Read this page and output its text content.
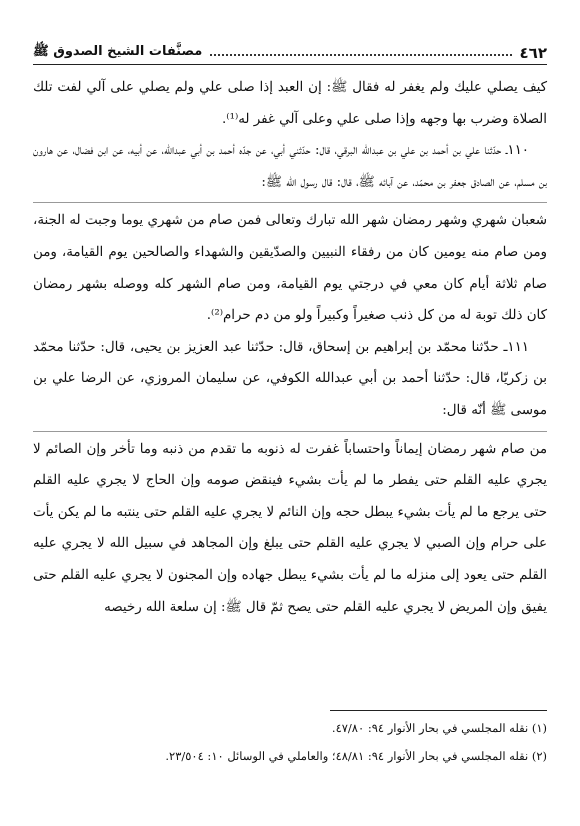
٤٦٢
مصنَّفات الشيخ الصدوق ﷺ

كيف يصلي عليك ولم يغفر له فقال ﷺ: إن العبد إذا صلى علي ولم يصلي على آلي لفت تلك الصلاة وضرب بها وجهه وإذا صلى علي وعلى آلي غفر له⁽¹⁾.

١١٠ـ حدّثنا علي بن أحمد بن علي بن عبدالله البرقي، قال: حدّثني أبي، عن جدّه أحمد بن أبي عبدالله، عن أبيه، عن ابن فضال، عن هارون بن مسلم، عن الصادق جعفر بن محمّد، عن آبائه ﷺ، قال: قال رسول الله ﷺ:

شعبان شهري وشهر رمضان شهر الله تبارك وتعالى فمن صام من شهري يوما وجبت له الجنة، ومن صام منه يومين كان من رفقاء النبيين والصدّيقين والشهداء والصالحين يوم القيامة، ومن صام ثلاثة أيام كان معي في درجتي يوم القيامة، ومن صام الشهر كله ووصله بشهر رمضان كان ذلك توبة له من كل ذنب صغيراً وكبيراً ولو من دم حرام⁽²⁾.

١١١ـ حدّثنا محمّد بن إبراهيم بن إسحاق، قال: حدّثنا عبد العزيز بن يحيى، قال: حدّثنا محمّد بن زكريّا، قال: حدّثنا أحمد بن أبي عبدالله الكوفي، عن سليمان المروزي، عن الرضا علي بن موسى ﷺ أنّه قال:

من صام شهر رمضان إيماناً واحتساباً غفرت له ذنوبه ما تقدم من ذنبه وما تأخر وإن الصائم لا يجري عليه القلم حتى يفطر ما لم يأت بشيء فينقض صومه وإن الحاج لا يجري عليه القلم حتى يرجع ما لم يأت بشيء يبطل حجه وإن النائم لا يجري عليه القلم حتى ينتبه ما لم يكن يأت على حرام وإن الصبي لا يجري عليه القلم حتى يبلغ وإن المجاهد في سبيل الله لا يجري عليه القلم حتى يعود إلى منزله ما لم يأت بشيء يبطل جهاده وإن المجنون لا يجري عليه القلم حتى يفيق وإن المريض لا يجري عليه القلم حتى يصح ثمّ قال ﷺ: إن سلعة الله رخيصه

(١) نقله المجلسي في بحار الأنوار ٩٤: ٤٧/٨٠.

(٢) نقله المجلسي في بحار الأنوار ٩٤: ٤٨/٨١؛ والعاملي في الوسائل ١٠: ٢٣/٥٠٤.
